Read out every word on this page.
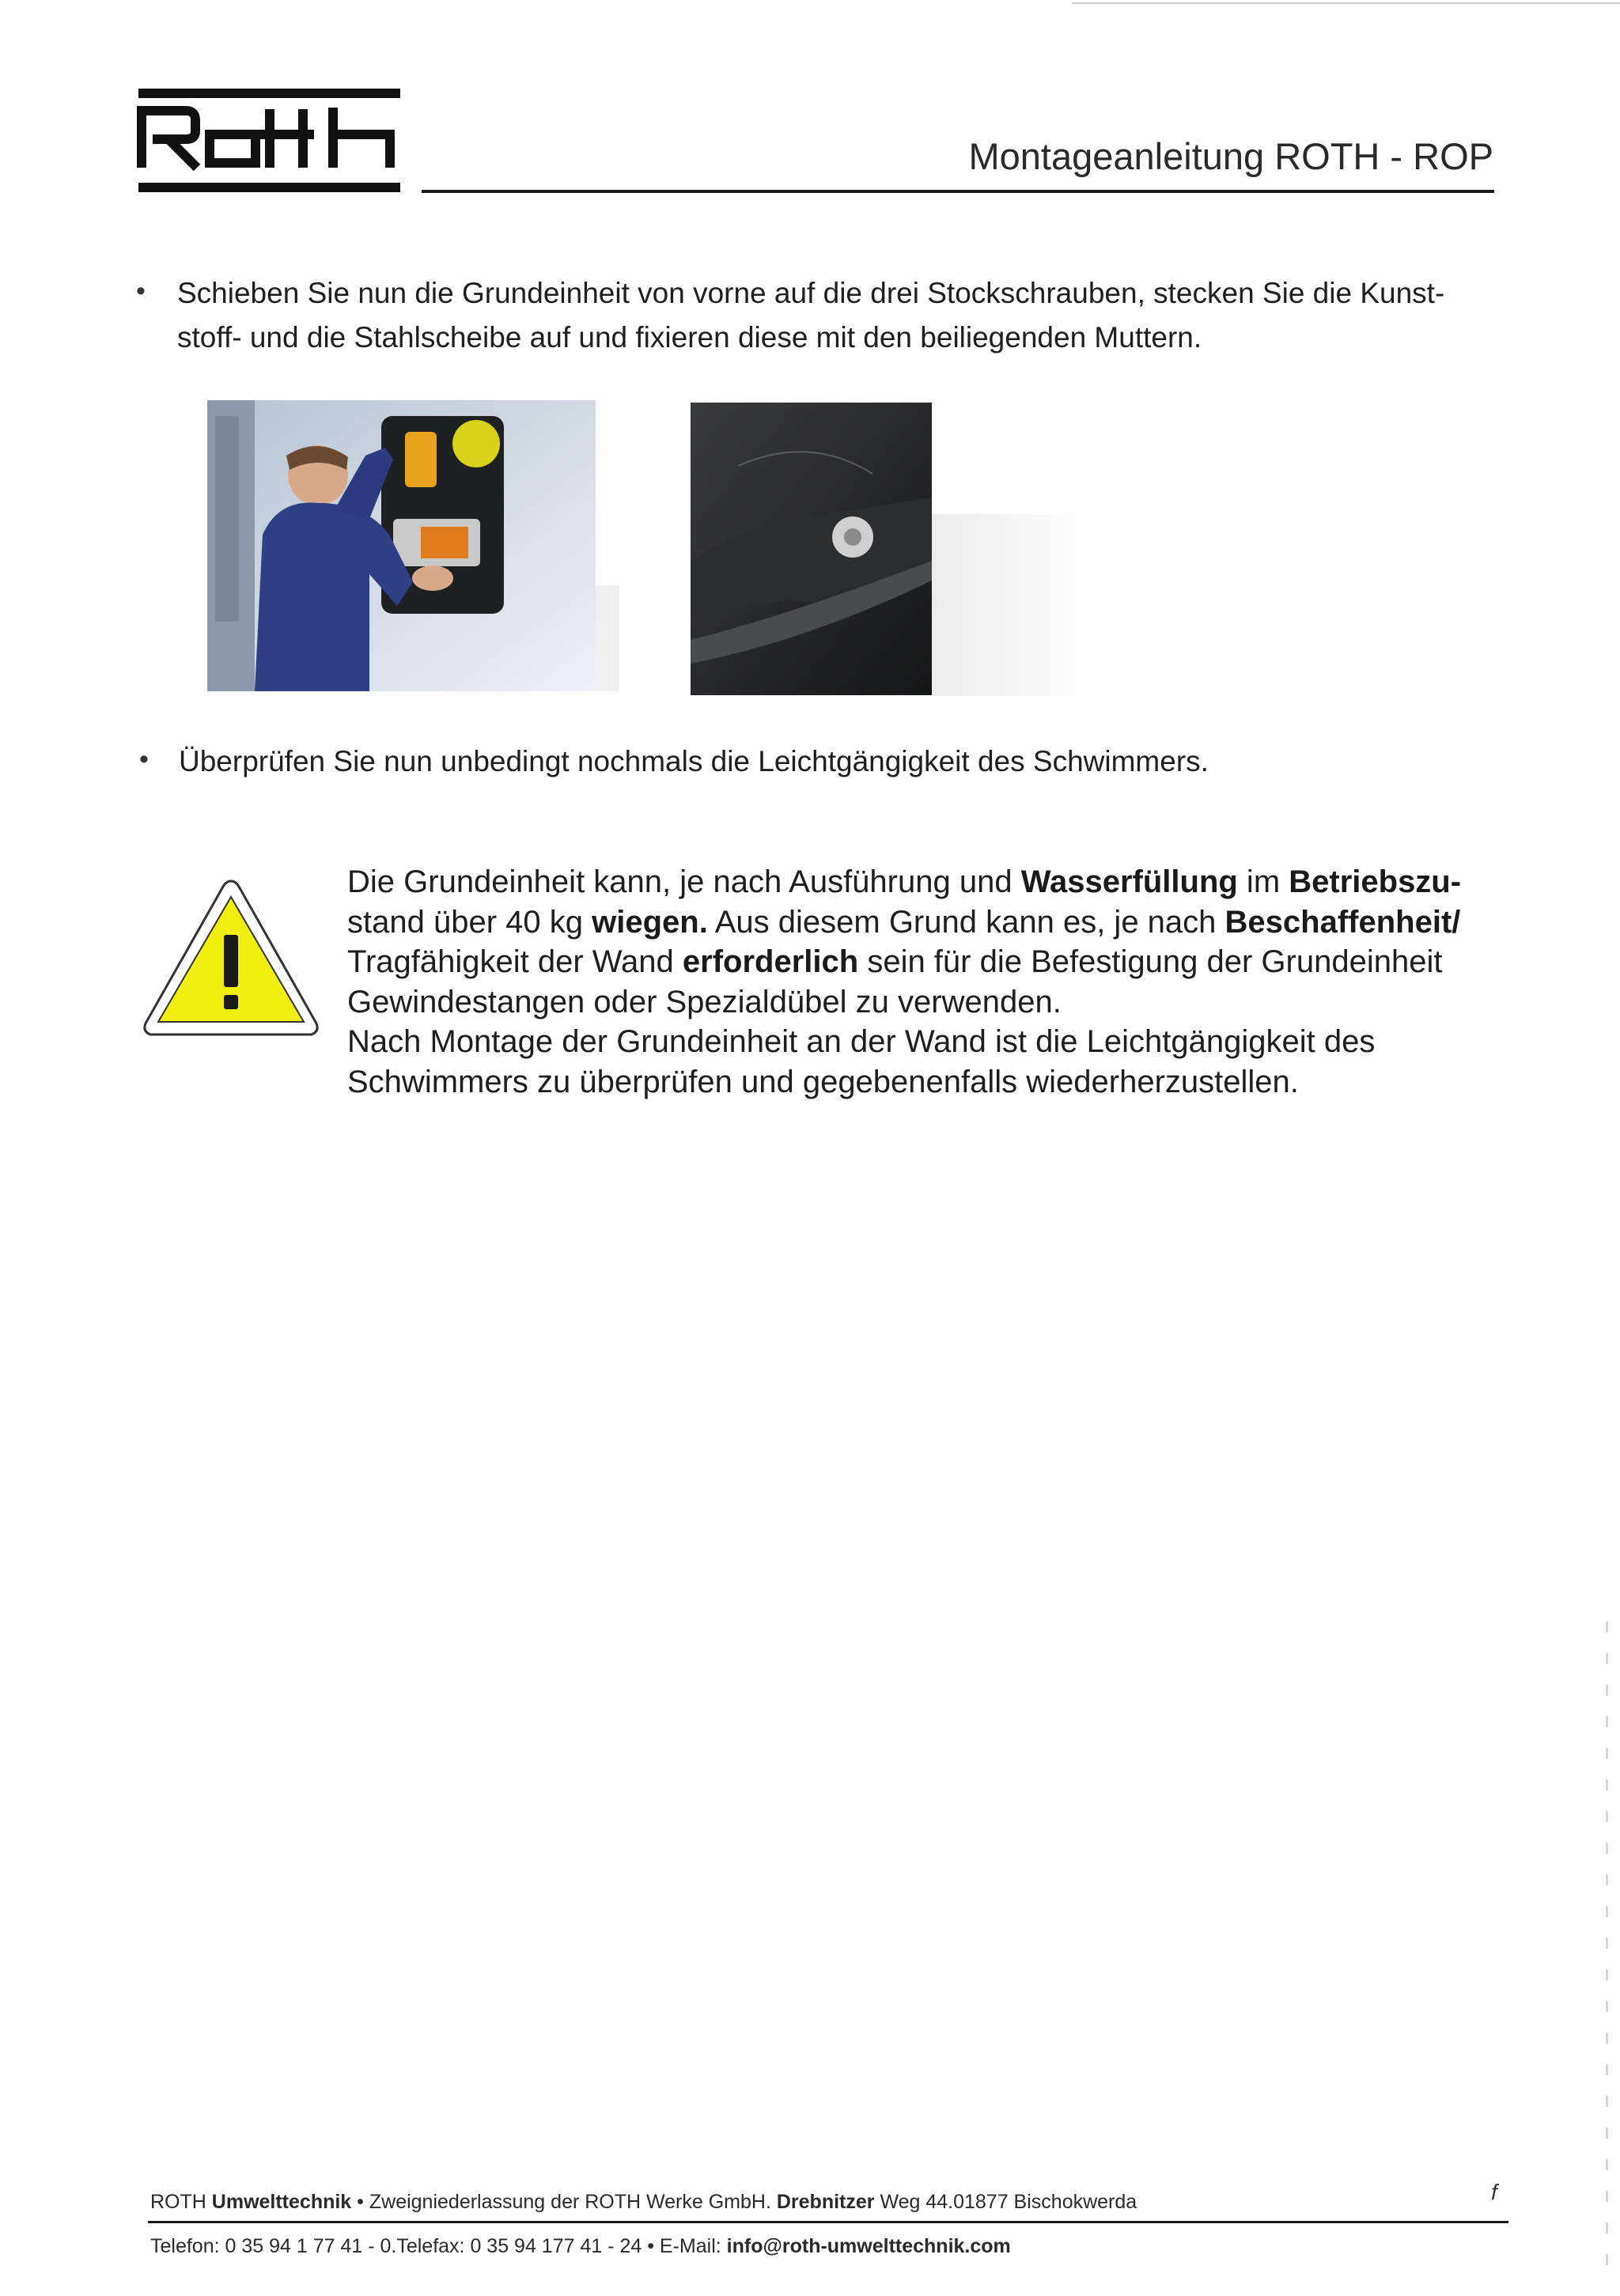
Montageanleitung ROTH - ROP
• Schieben Sie nun die Grundeinheit von vorne auf die drei Stockschrauben, stecken Sie die Kunst-
stoff- und die Stahlscheibe auf und fixieren diese mit den beiliegenden Muttern.
• Überprüfen Sie nun unbedingt nochmals die Leichtgängigkeit des Schwimmers.
Die Grundeinheit kann, je nach Ausführung und Wasserfüllung im Betriebszu-
stand über 40 kg wiegen. Aus diesem Grund kann es, je nach Beschaffenheit/
Tragfähigkeit der Wand erforderlich sein für die Befestigung der Grundeinheit
Gewindestangen oder Spezialdübel zu verwenden.
Nach Montage der Grundeinheit an der Wand ist die Leichtgängigkeit des
Schwimmers zu überprüfen und gegebenenfalls wiederherzustellen.
f
ROTH Umwelttechnik • Zweigniederlassung der ROTH Werke GmbH. Drebnitzer Weg 44.01877 Bischokwerda
Telefon: 0 35 94 1 77 41 - 0.Telefax: 0 35 94 177 41 - 24 • E-Mail: info@roth-umwelttechnik.com
